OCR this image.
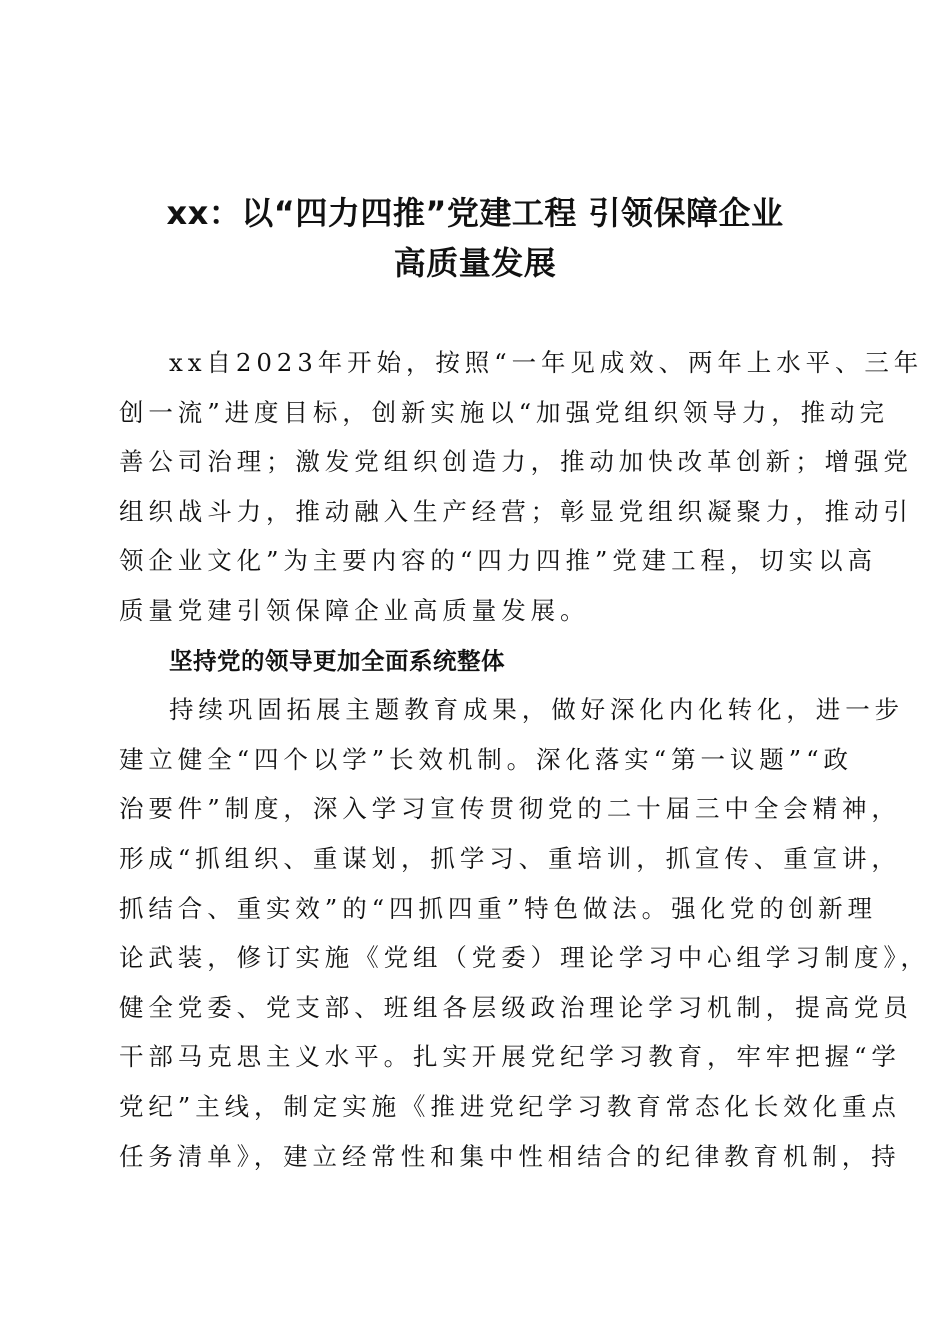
xx：以“四力四推”党建工程 引领保障企业
高质量发展
xx自2023年开始，按照“一年见成效、两年上水平、三年
创一流”进度目标，创新实施以“加强党组织领导力，推动完
善公司治理；激发党组织创造力，推动加快改革创新；增强党
组织战斗力，推动融入生产经营；彰显党组织凝聚力，推动引
领企业文化”为主要内容的“四力四推”党建工程，切实以高
质量党建引领保障企业高质量发展。
坚持党的领导更加全面系统整体
持续巩固拓展主题教育成果，做好深化内化转化，进一步
建立健全“四个以学”长效机制。深化落实“第一议题”“政
治要件”制度，深入学习宣传贯彻党的二十届三中全会精神，
形成“抓组织、重谋划，抓学习、重培训，抓宣传、重宣讲，
抓结合、重实效”的“四抓四重”特色做法。强化党的创新理
论武装，修订实施《党组（党委）理论学习中心组学习制度》，
健全党委、党支部、班组各层级政治理论学习机制，提高党员
干部马克思主义水平。扎实开展党纪学习教育，牢牢把握“学
党纪”主线，制定实施《推进党纪学习教育常态化长效化重点
任务清单》，建立经常性和集中性相结合的纪律教育机制，持
